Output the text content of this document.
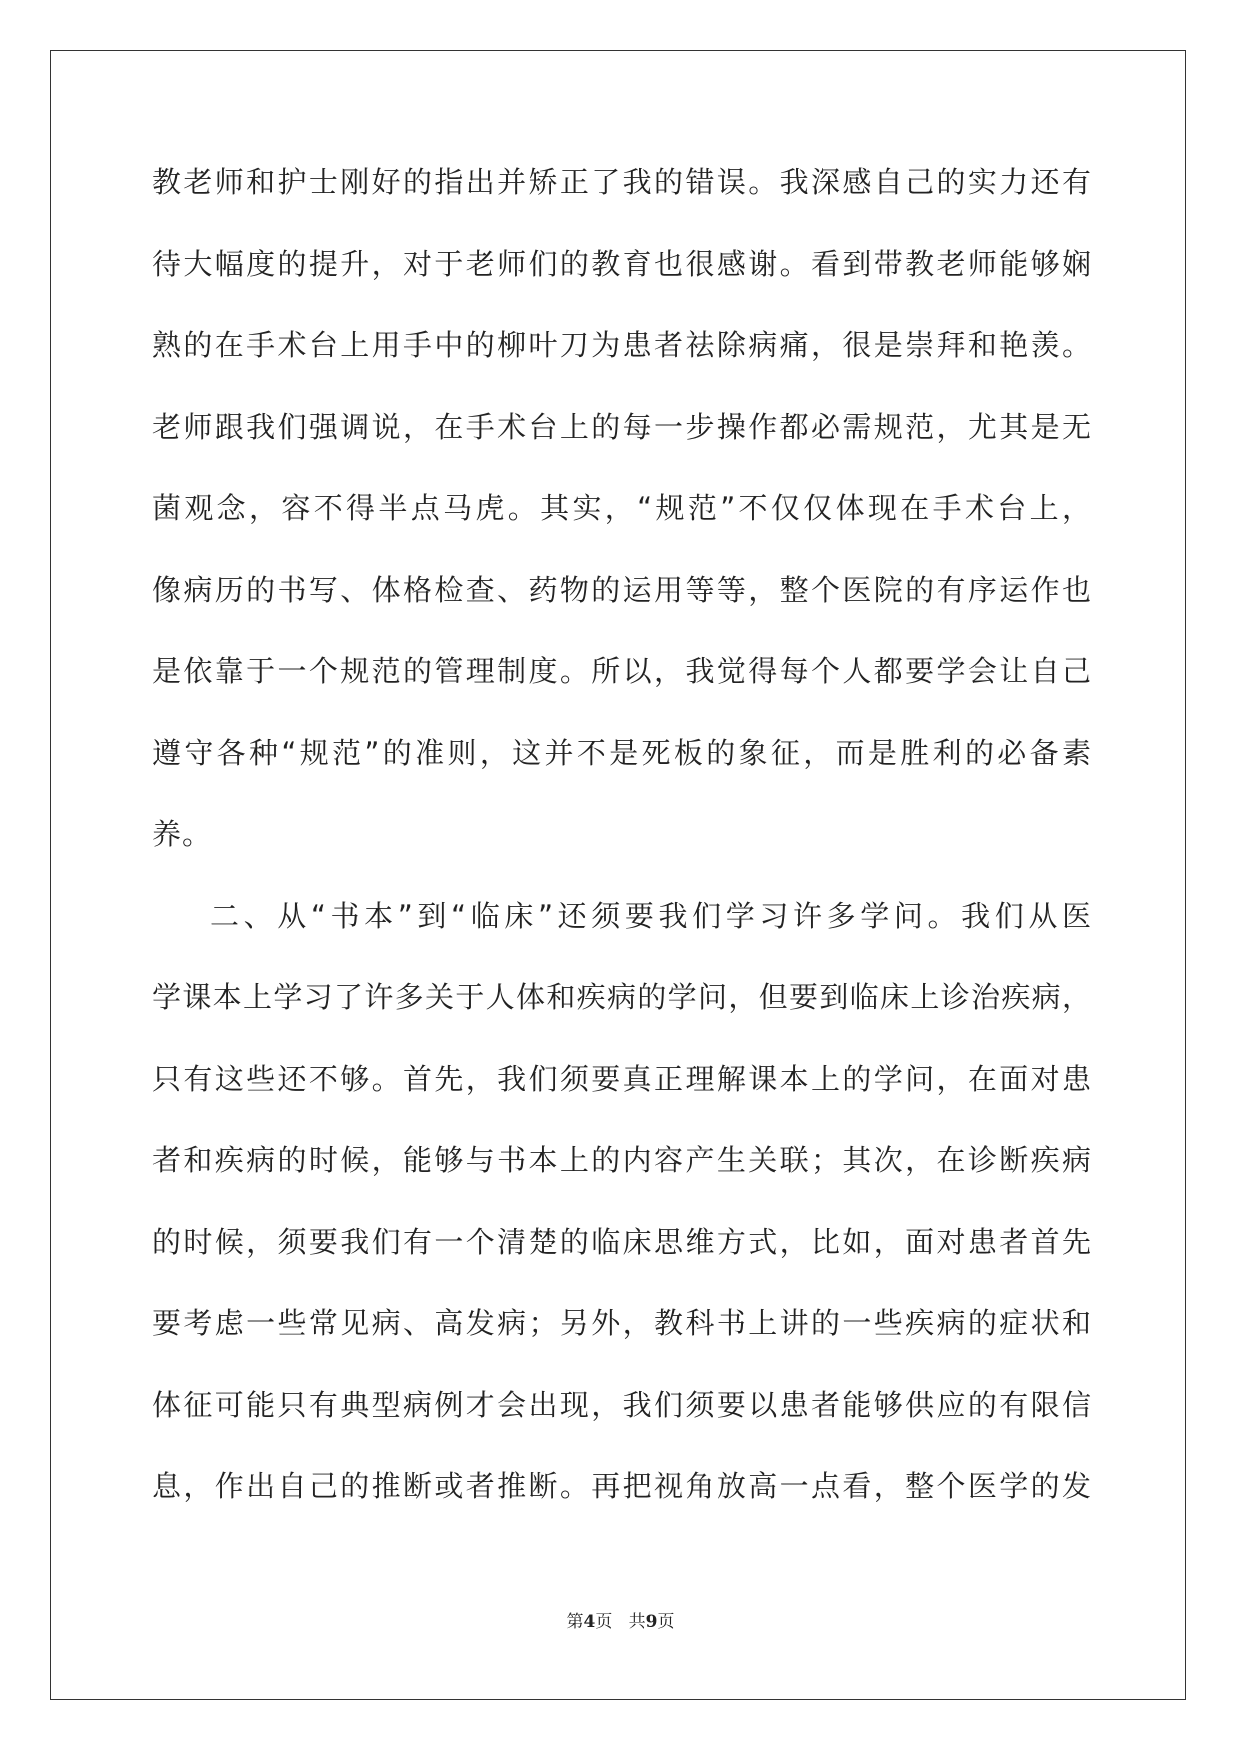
教老师和护士刚好的指出并矫正了我的错误。我深感自己的实力还有
待大幅度的提升，对于老师们的教育也很感谢。看到带教老师能够娴
熟的在手术台上用手中的柳叶刀为患者祛除病痛，很是崇拜和艳羡。
老师跟我们强调说，在手术台上的每一步操作都必需规范，尤其是无
菌观念，容不得半点马虎。其实，“规范”不仅仅体现在手术台上，
像病历的书写、体格检查、药物的运用等等，整个医院的有序运作也
是依靠于一个规范的管理制度。所以，我觉得每个人都要学会让自己
遵守各种“规范”的准则，这并不是死板的象征，而是胜利的必备素
养。
二、从“书本”到“临床”还须要我们学习许多学问。我们从医
学课本上学习了许多关于人体和疾病的学问，但要到临床上诊治疾病，
只有这些还不够。首先，我们须要真正理解课本上的学问，在面对患
者和疾病的时候，能够与书本上的内容产生关联；其次，在诊断疾病
的时候，须要我们有一个清楚的临床思维方式，比如，面对患者首先
要考虑一些常见病、高发病；另外，教科书上讲的一些疾病的症状和
体征可能只有典型病例才会出现，我们须要以患者能够供应的有限信
息，作出自己的推断或者推断。再把视角放高一点看，整个医学的发
第4页 共9页
